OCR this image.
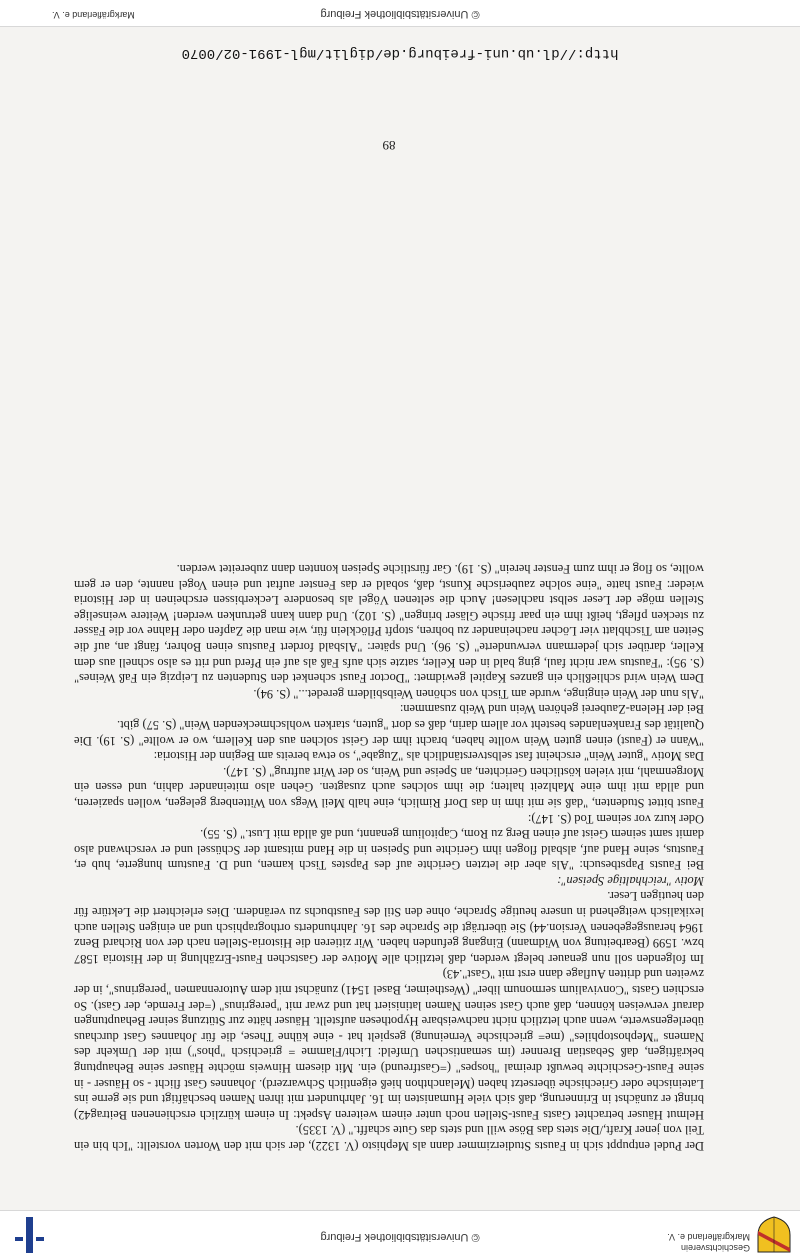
Geschichtsverein
Markgräflerland e. V.
© Universitätsbibliothek Freiburg

Der Pudel entpuppt sich in Fausts Studierzimmer dann als Mephisto (V. 1322), der sich mit den Worten vorstellt: "Ich bin ein Teil von jener Kraft,/Die stets das Böse will und stets das Gute schafft." (V. 1335).

Helmut Häuser betrachtet Gasts Faust-Stellen noch unter einem weiteren Aspekt: In einem kürzlich erschienenen Beitrag42) bringt er zunächst in Erinnerung, daß sich viele Humanisten im 16. Jahrhundert mit ihren Namen beschäftigt und sie gerne ins Lateinische oder Griechische übersetzt haben (Melanchthon hieß eigentlich Schwarzerd). Johannes Gast flicht - so Häuser - in seine Faust-Geschichte bewußt dreimal "hospes" (=Gastfreund) ein. Mit diesem Hinweis möchte Häuser seine Behauptung bekräftigen, daß Sebastian Brenner (im semantischen Umfeld: Licht/Flamme = griechisch "phos") mit der Umkehr des Namens "Mephostophiles" (me= griechische Verneinung) gespielt hat - eine kühne These, die für Johannes Gast durchaus überlegenswerte, wenn auch letztlich nicht nachweisbare Hypothesen aufstellt. Häuser hätte zur Stützung seiner Behauptungen darauf verweisen können, daß auch Gast seinen Namen latinisiert hat und zwar mit "peregrinus" (=der Fremde, der Gast). So erschien Gasts "Convivalium sermonum liber" (Westheimer, Basel 1541) zunächst mit dem Autorennamen "peregrinus", in der zweiten und dritten Auflage dann erst mit "Gast".43)

Im folgenden soll nun genauer belegt werden, daß letztlich alle Motive der Gastschen Faust-Erzählung in der Historia 1587 bzw. 1599 (Bearbeitung von Widmann) Eingang gefunden haben. Wir zitieren die Historia-Stellen nach der von Richard Benz 1964 herausgegebenen Version.44) Sie überträgt die Sprache des 16. Jahrhunderts orthographisch und an einigen Stellen auch lexikalisch weitgehend in unsere heutige Sprache, ohne den Stil des Faustbuchs zu verändern. Dies erleichtert die Lektüre für den heutigen Leser.

Motiv "reichhaltige Speisen":

Bei Fausts Papstbesuch: "Als aber die letzten Gerichte auf des Papstes Tisch kamen, und D. Faustum hungerte, hub er, Faustus, seine Hand auf, alsbald flogen ihm Gerichte und Speisen in die Hand mitsamt der Schüssel und er verschwand also damit samt seinem Geist auf einen Berg zu Rom, Capitolium genannt, und aß allda mit Lust." (S. 55).

Oder kurz vor seinem Tod (S. 147):

Faust bittet Studenten, "daß sie mit ihm in das Dorf Rimlich, eine halb Meil Wegs von Wittenberg gelegen, wollen spazieren, und allda mit ihm eine Mahlzeit halten; die ihm solches auch zusagten. Gehen also miteinander dahin, und essen ein Morgenmahl, mit vielen köstlichen Gerichten, an Speise und Wein, so der Wirt auftrug" (S. 147).

Das Motiv "guter Wein" erscheint fast selbstverständlich als "Zugabe", so etwa bereits am Beginn der Historia:

"Wann er (Faust) einen guten Wein wollte haben, bracht ihm der Geist solchen aus den Kellern, wo er wollte" (S. 19). Die Qualität des Frankenlandes besteht vor allem darin, daß es dort "guten, starken wohlschmeckenden Wein" (S. 57) gibt.

Bei der Helena-Zauberei gehören Wein und Weib zusammen:

"Als nun der Wein einginge, wurde am Tisch von schönen Weibsbildern geredet..." (S. 94).

Dem Wein wird schließlich ein ganzes Kapitel gewidmet: "Doctor Faust schenket den Studenten zu Leipzig ein Faß Weines" (S. 95): "Faustus war nicht faul, ging bald in den Keller, satzte sich aufs Faß als auf ein Pferd und ritt es also schnell aus dem Keller, darüber sich jedermann verwunderte" (S. 96). Und später: "Alsbald fordert Faustus einen Bohrer, fängt an, auf die Seiten am Tischblatt vier Löcher nacheinander zu bohren, stopft Pflöcklein für, wie man die Zapfen oder Hahne vor die Fässer zu stecken pflegt, heißt ihm ein paar frische Gläser bringen" (S. 102). Und dann kann getrunken werden! Weitere weinselige Stellen möge der Leser selbst nachlesen! Auch die seltenen Vögel als besondere Leckerbissen erscheinen in der Historia wieder: Faust hatte "eine solche zauberische Kunst, daß, sobald er das Fenster auftat und einen Vogel nannte, den er gern wollte, so flog er ihm zum Fenster herein" (S. 19). Gar fürstliche Speisen konnten dann zubereitet werden.

89
http://dl.ub.uni-freiburg.de/diglit/mgl-1991-02/0070
© Universitätsbibliothek Freiburg
Markgräflerland e. V.
